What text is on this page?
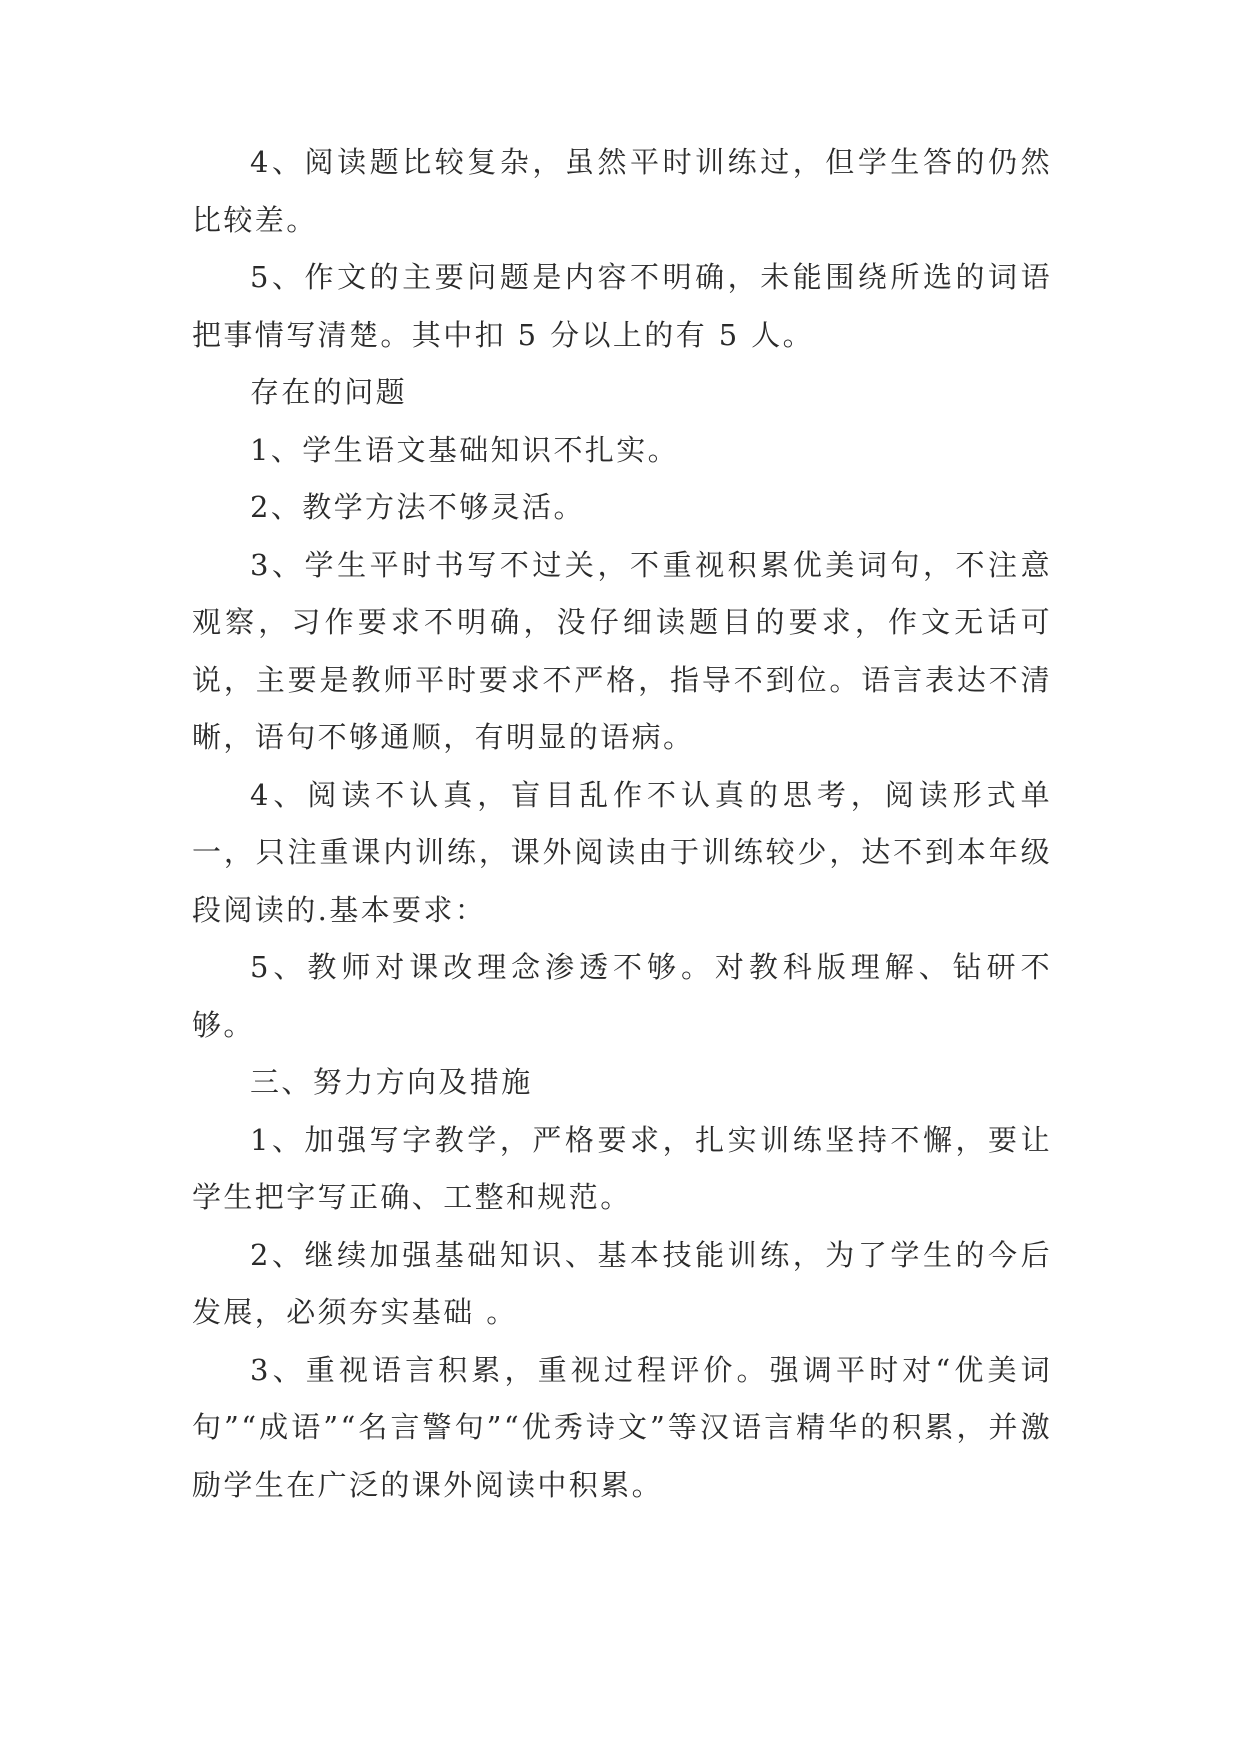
4、阅读题比较复杂，虽然平时训练过，但学生答的仍然比较差。

5、作文的主要问题是内容不明确，未能围绕所选的词语把事情写清楚。其中扣 5 分以上的有 5 人。

存在的问题

1、学生语文基础知识不扎实。

2、教学方法不够灵活。

3、学生平时书写不过关，不重视积累优美词句，不注意观察，习作要求不明确，没仔细读题目的要求，作文无话可说，主要是教师平时要求不严格，指导不到位。语言表达不清晰，语句不够通顺，有明显的语病。

4、阅读不认真，盲目乱作不认真的思考，阅读形式单一，只注重课内训练，课外阅读由于训练较少，达不到本年级段阅读的.基本要求：

5、教师对课改理念渗透不够。对教科版理解、钻研不够。

三、努力方向及措施

1、加强写字教学，严格要求，扎实训练坚持不懈，要让学生把字写正确、工整和规范。

2、继续加强基础知识、基本技能训练，为了学生的今后发展，必须夯实基础 。

3、重视语言积累，重视过程评价。强调平时对“优美词句”“成语”“名言警句”“优秀诗文”等汉语言精华的积累，并激励学生在广泛的课外阅读中积累。
